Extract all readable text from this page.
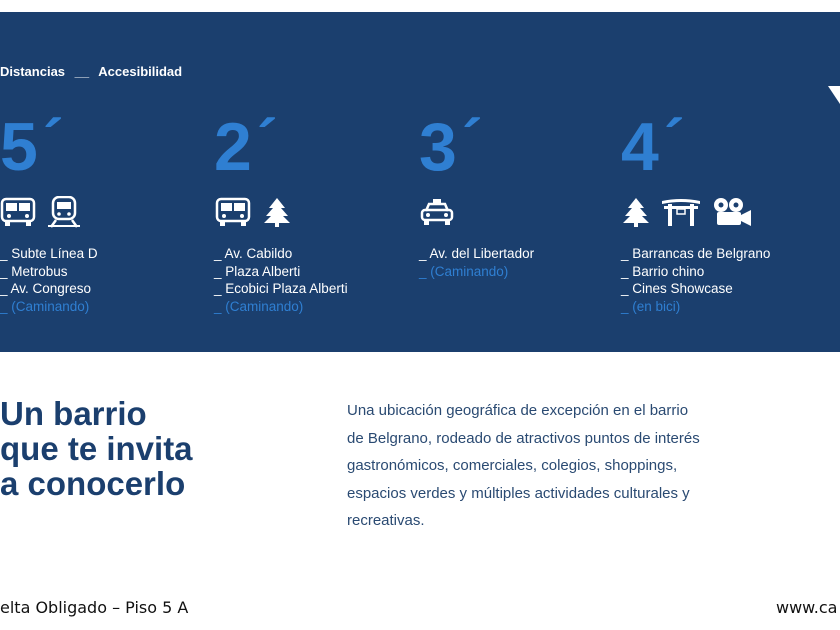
Distancias __ Accesibilidad
5´
_ Subte Línea D
_ Metrobus
_ Av. Congreso
_ (Caminando)
2´
_ Av. Cabildo
_ Plaza Alberti
_ Ecobici Plaza Alberti
_ (Caminando)
3´
_ Av. del Libertador
_ (Caminando)
4´
_ Barrancas de Belgrano
_ Barrio chino
_ Cines Showcase
_ (en bici)
Un barrio
que te invita
a conocerlo
Una ubicación geográfica de excepción en el barrio
de Belgrano, rodeado de atractivos puntos de interés
gastronómicos, comerciales, colegios, shoppings,
espacios verdes y múltiples actividades culturales y
recreativas.
elta Obligado – Piso 5 A	www.ca
